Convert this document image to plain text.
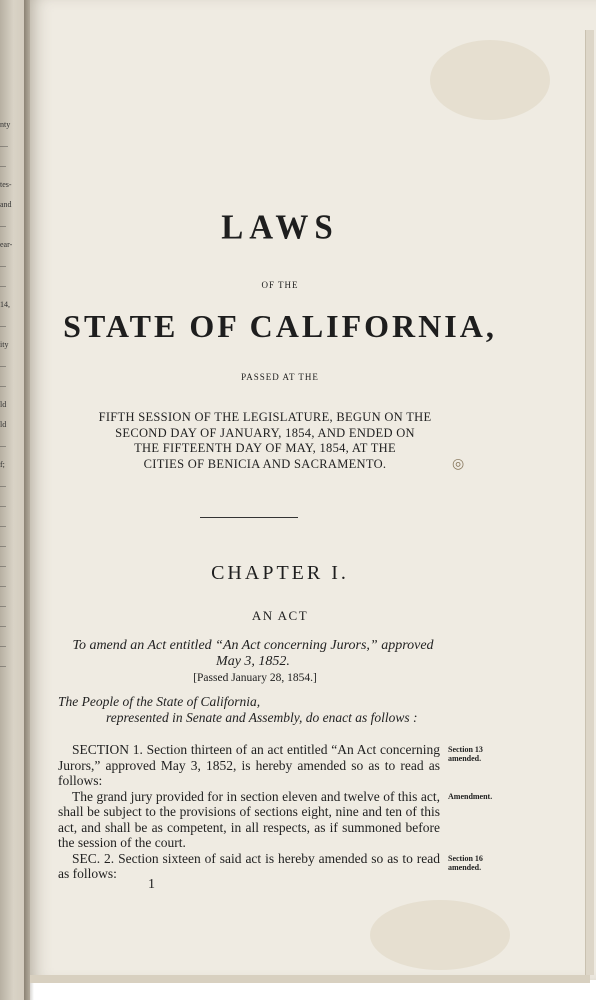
nty
....
...
tes-
and
...
ear-
...
...
14,
...
ity
...
...
ld
ld
...
f;
...
...
...
...
...
...
...
...
...
...
LAWS
OF THE
STATE OF CALIFORNIA,
PASSED AT THE
FIFTH SESSION OF THE LEGISLATURE, BEGUN ON THE
SECOND DAY OF JANUARY, 1854, AND ENDED ON
THE FIFTEENTH DAY OF MAY, 1854, AT THE
CITIES OF BENICIA AND SACRAMENTO.	◎
CHAPTER I.
AN ACT
To amend an Act entitled “An Act concerning Jurors,” approved
May 3, 1852.
[Passed January 28, 1854.]
The People of the State of California,
represented in Senate and Assembly, do enact as follows :

SECTION 1. Section thirteen of an act entitled “An Act concerning Jurors,” approved May 3, 1852, is hereby amended so as to read as follows:

The grand jury provided for in section eleven and twelve of this act, shall be subject to the provisions of sections eight, nine and ten of this act, and shall be as competent, in all respects, as if summoned before the session of the court.

SEC. 2. Section sixteen of said act is hereby amended so as to read as follows:

Section 13
amended.
Amendment.
Section 16
amended.
1
